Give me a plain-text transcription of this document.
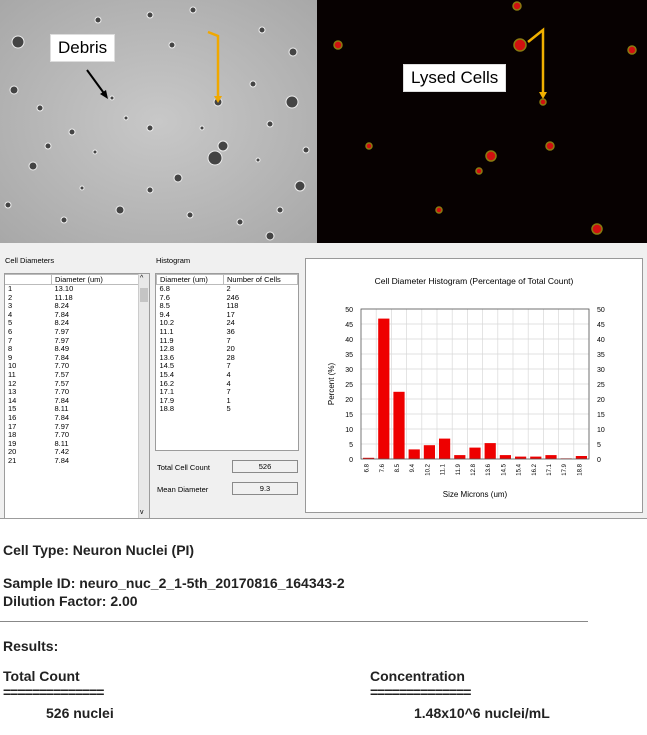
Debris
Lysed Cells
Cell Diameters
	Diameter (um)
1	13.10
2	11.18
3	8.24
4	7.84
5	8.24
6	7.97
7	7.97
8	8.49
9	7.84
10	7.70
11	7.57
12	7.57
13	7.70
14	7.84
15	8.11
16	7.84
17	7.97
18	7.70
19	8.11
20	7.42
21	7.84
^
v
Histogram
Diameter (um)	Number of Cells
6.8	2
7.6	246
8.5	118
9.4	17
10.2	24
11.1	36
11.9	7
12.8	20
13.6	28
14.5	7
15.4	4
16.2	4
17.1	7
17.9	1
18.8	5
Total Cell Count	526
Mean Diameter	9.3
Cell Diameter Histogram (Percentage of Total Count)
0	0
5	5
10	10
15	15
20	20
25	25
30	30
35	35
40	40
45	45
50	50
6.8 7.6 8.5 9.4 10.2 11.1 11.9 12.8 13.6 14.5 15.4 16.2 17.1 17.9 18.8
Size Microns (um)
Percent (%)
Cell Type: Neuron Nuclei (PI)
Sample ID: neuro_nuc_2_1-5th_20170816_164343-2
Dilution Factor: 2.00
Results:
Total Count
==============
526 nuclei
Concentration
==============
1.48x10^6 nuclei/mL
